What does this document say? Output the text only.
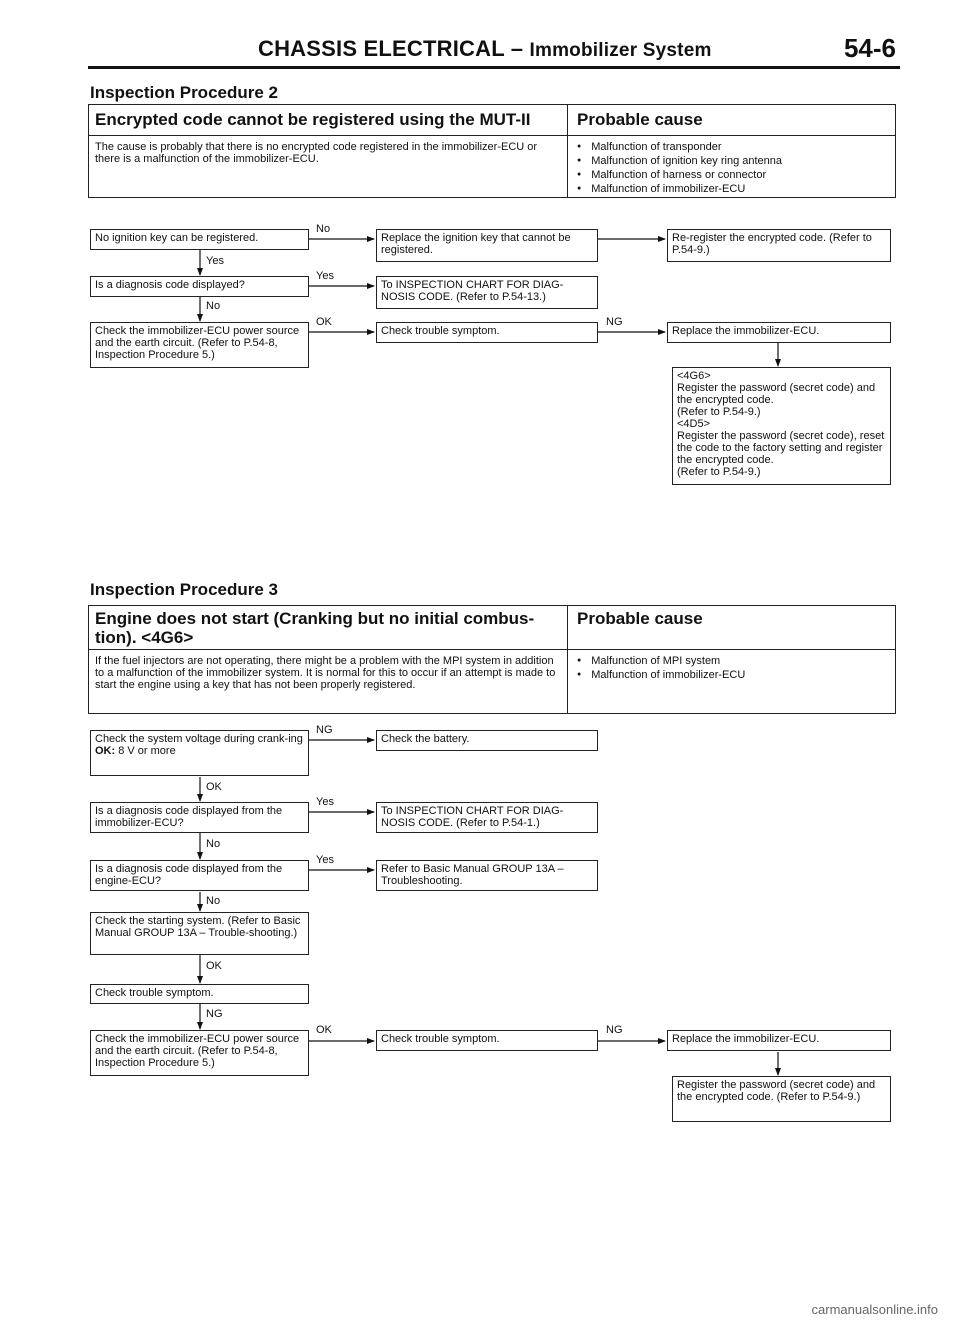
CHASSIS ELECTRICAL – Immobilizer System	54-6
Inspection Procedure 2
Encrypted code cannot be registered using the MUT-II	Probable cause
The cause is probably that there is no encrypted code registered in the immobilizer-ECU or there is a malfunction of the immobilizer-ECU.
● Malfunction of transponder
● Malfunction of ignition key ring antenna
● Malfunction of harness or connector
● Malfunction of immobilizer-ECU
No ignition key can be registered.	Replace the ignition key that cannot be registered.
Re-register the encrypted code. (Refer to P.54-9.)
Is a diagnosis code displayed?	To INSPECTION CHART FOR DIAG-NOSIS CODE. (Refer to P.54-13.)
Check the immobilizer-ECU power source and the earth circuit. (Refer to P.54-8, Inspection Procedure 5.)
Check trouble symptom.	Replace the immobilizer-ECU.
<4G6>
Register the password (secret code) and the encrypted code.
(Refer to P.54-9.)
<4D5>
Register the password (secret code), reset the code to the factory setting and register the encrypted code.
(Refer to P.54-9.)
No
Yes
Yes
No
OK	NG
Inspection Procedure 3
Engine does not start (Cranking but no initial combus-tion). <4G6>
Probable cause
If the fuel injectors are not operating, there might be a problem with the MPI system in addition to a malfunction of the immobilizer system. It is normal for this to occur if an attempt is made to start the engine using a key that has not been properly registered.
● Malfunction of MPI system
● Malfunction of immobilizer-ECU
Check the system voltage during crank-ing
OK: 8 V or more
Check the battery.
Is a diagnosis code displayed from the immobilizer-ECU?
To INSPECTION CHART FOR DIAG-NOSIS CODE. (Refer to P.54-1.)
Is a diagnosis code displayed from the engine-ECU?
Refer to Basic Manual GROUP 13A – Troubleshooting.
Check the starting system. (Refer to Basic Manual GROUP 13A – Trouble-shooting.)
Check trouble symptom.
Check the immobilizer-ECU power source and the earth circuit. (Refer to P.54-8, Inspection Procedure 5.)
Check trouble symptom.	Replace the immobilizer-ECU.
Register the password (secret code) and the encrypted code. (Refer to P.54-9.)
NG
OK
Yes
No
Yes
No
OK
NG
OK	NG
carmanualsonline.info
